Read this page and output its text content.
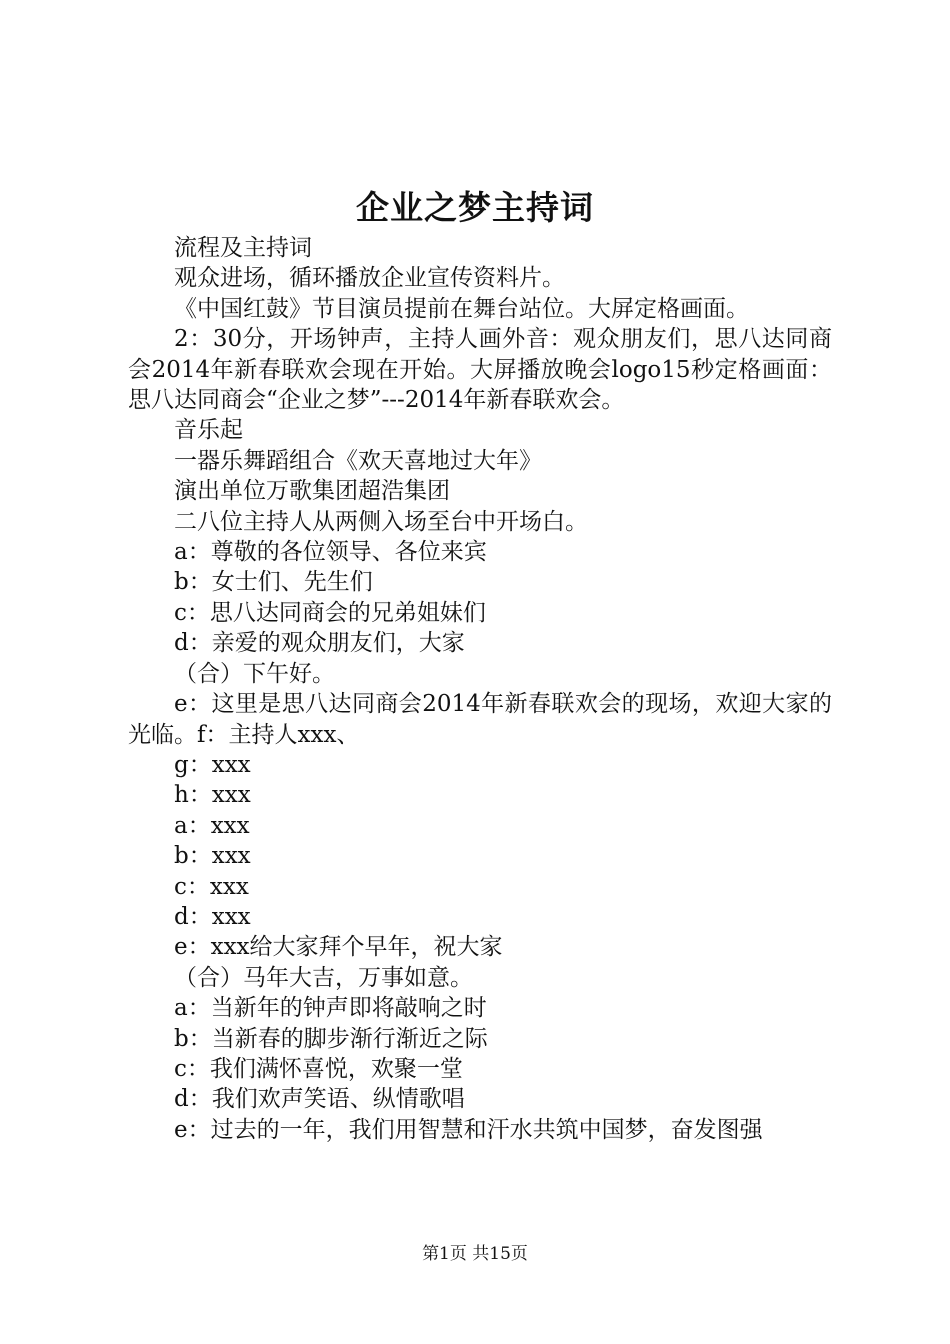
企业之梦主持词

流程及主持词

观众进场，循环播放企业宣传资料片。

《中国红鼓》节目演员提前在舞台站位。大屏定格画面。

2：30分，开场钟声，主持人画外音：观众朋友们，思八达同商会2014年新春联欢会现在开始。大屏播放晚会logo15秒定格画面：思八达同商会“企业之梦”---2014年新春联欢会。

音乐起

一器乐舞蹈组合《欢天喜地过大年》

演出单位万歌集团超浩集团

二八位主持人从两侧入场至台中开场白。

a：尊敬的各位领导、各位来宾

b：女士们、先生们

c：思八达同商会的兄弟姐妹们

d：亲爱的观众朋友们，大家

（合）下午好。

e：这里是思八达同商会2014年新春联欢会的现场，欢迎大家的光临。f：主持人xxx、

g：xxx

h：xxx

a：xxx

b：xxx

c：xxx

d：xxx

e：xxx给大家拜个早年，祝大家

（合）马年大吉，万事如意。

a：当新年的钟声即将敲响之时

b：当新春的脚步渐行渐近之际

c：我们满怀喜悦，欢聚一堂

d：我们欢声笑语、纵情歌唱

e：过去的一年，我们用智慧和汗水共筑中国梦，奋发图强

第1页 共15页
